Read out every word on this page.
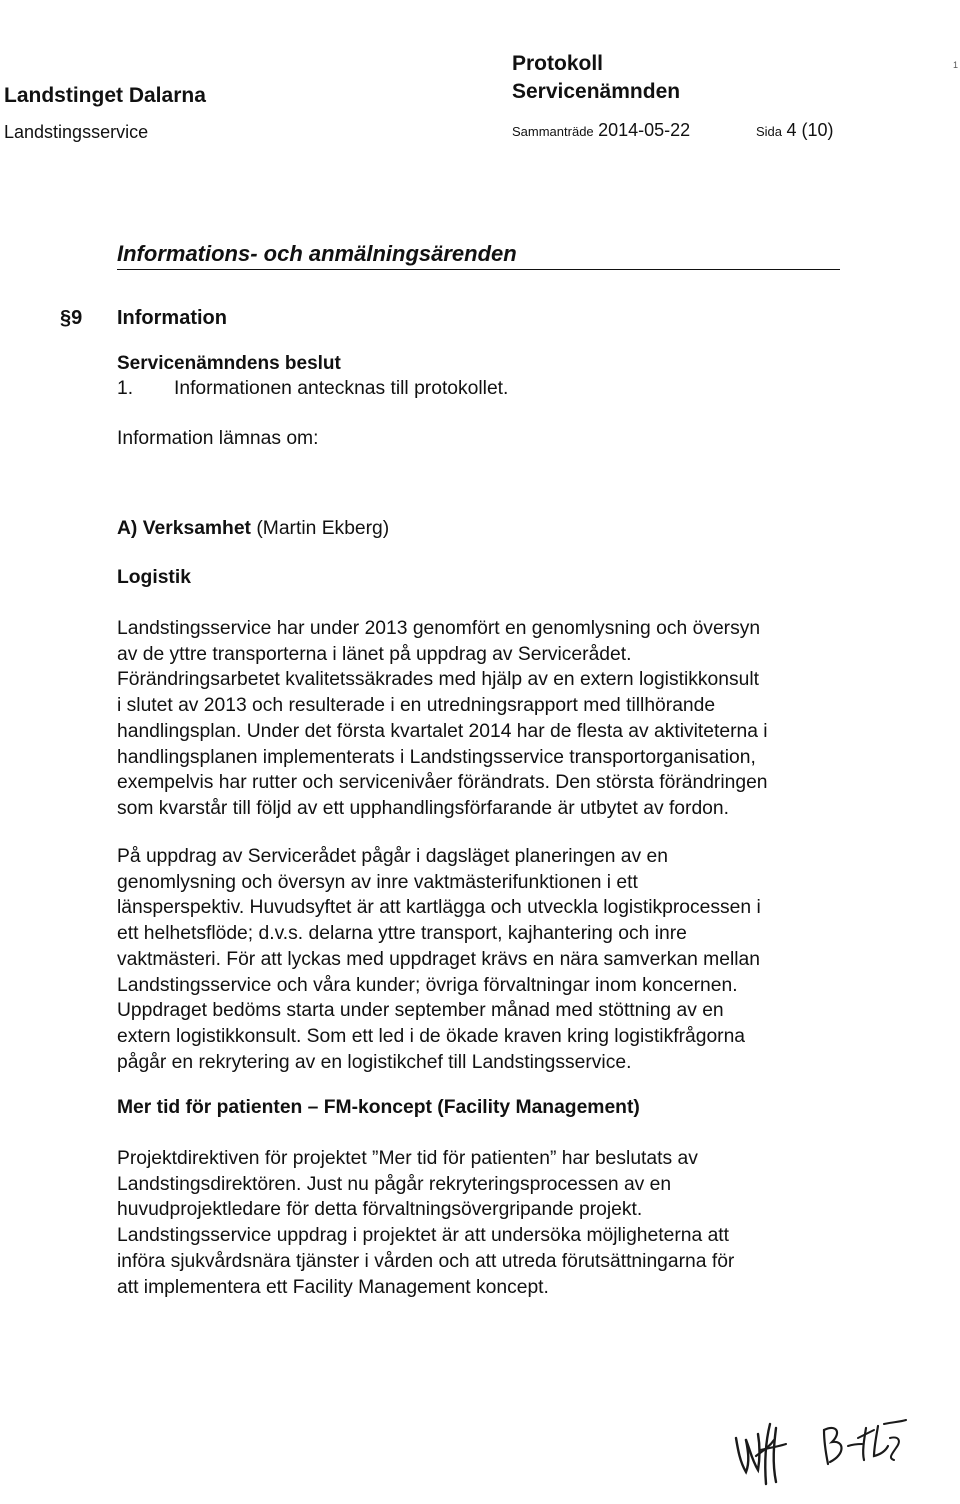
Landstinget Dalarna
Landstingsservice
Protokoll
Servicenämnden
Sammanträde 2014-05-22	Sida 4 (10)
1
Informations- och anmälningsärenden
§9 Information
Servicenämndens beslut
1. Informationen antecknas till protokollet.
Information lämnas om:
A) Verksamhet (Martin Ekberg)
Logistik
Landstingsservice har under 2013 genomfört en genomlysning och översyn
av de yttre transporterna i länet på uppdrag av Servicerådet.
Förändringsarbetet kvalitetssäkrades med hjälp av en extern logistikkonsult
i slutet av 2013 och resulterade i en utredningsrapport med tillhörande
handlingsplan. Under det första kvartalet 2014 har de flesta av aktiviteterna i
handlingsplanen implementerats i Landstingsservice transportorganisation,
exempelvis har rutter och servicenivåer förändrats. Den största förändringen
som kvarstår till följd av ett upphandlingsförfarande är utbytet av fordon.
På uppdrag av Servicerådet pågår i dagsläget planeringen av en
genomlysning och översyn av inre vaktmästerifunktionen i ett
länsperspektiv. Huvudsyftet är att kartlägga och utveckla logistikprocessen i
ett helhetsflöde; d.v.s. delarna yttre transport, kajhantering och inre
vaktmästeri. För att lyckas med uppdraget krävs en nära samverkan mellan
Landstingsservice och våra kunder; övriga förvaltningar inom koncernen.
Uppdraget bedöms starta under september månad med stöttning av en
extern logistikkonsult. Som ett led i de ökade kraven kring logistikfrågorna
pågår en rekrytering av en logistikchef till Landstingsservice.
Mer tid för patienten – FM-koncept (Facility Management)
Projektdirektiven för projektet ”Mer tid för patienten” har beslutats av
Landstingsdirektören. Just nu pågår rekryteringsprocessen av en
huvudprojektledare för detta förvaltningsövergripande projekt.
Landstingsservice uppdrag i projektet är att undersöka möjligheterna att
införa sjukvårdsnära tjänster i vården och att utreda förutsättningarna för
att implementera ett Facility Management koncept.
